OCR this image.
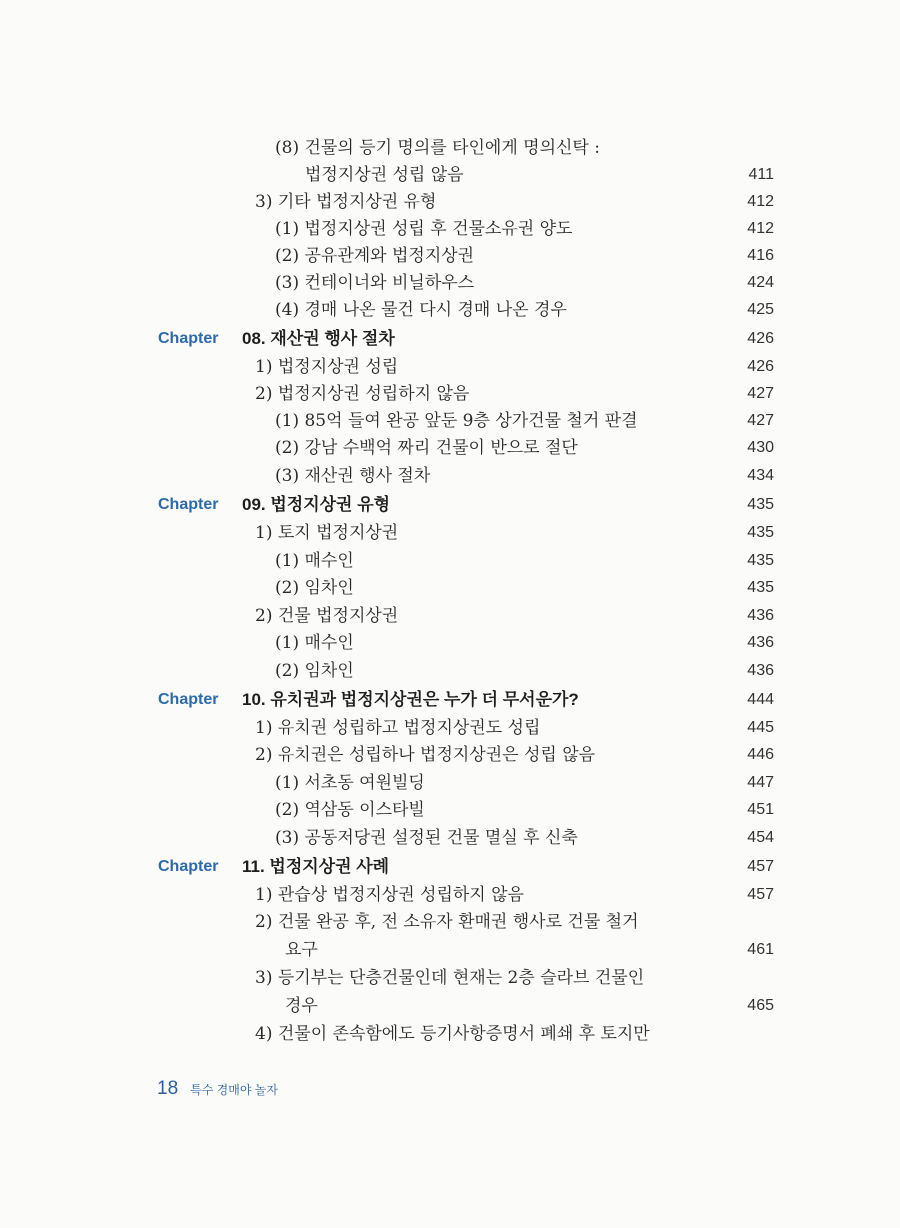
(8) 건물의 등기 명의를 타인에게 명의신탁 :
법정지상권 성립 않음	411
3) 기타 법정지상권 유형	412
(1) 법정지상권 성립 후 건물소유권 양도	412
(2) 공유관계와 법정지상권	416
(3) 컨테이너와 비닐하우스	424
(4) 경매 나온 물건 다시 경매 나온 경우	425
Chapter 08. 재산권 행사 절차	426
1) 법정지상권 성립	426
2) 법정지상권 성립하지 않음	427
(1) 85억 들여 완공 앞둔 9층 상가건물 철거 판결	427
(2) 강남 수백억 짜리 건물이 반으로 절단	430
(3) 재산권 행사 절차	434
Chapter 09. 법정지상권 유형	435
1) 토지 법정지상권	435
(1) 매수인	435
(2) 임차인	435
2) 건물 법정지상권	436
(1) 매수인	436
(2) 임차인	436
Chapter 10. 유치권과 법정지상권은 누가 더 무서운가?	444
1) 유치권 성립하고 법정지상권도 성립	445
2) 유치권은 성립하나 법정지상권은 성립 않음	446
(1) 서초동 여원빌딩	447
(2) 역삼동 이스타빌	451
(3) 공동저당권 설정된 건물 멸실 후 신축	454
Chapter 11. 법정지상권 사례	457
1) 관습상 법정지상권 성립하지 않음	457
2) 건물 완공 후, 전 소유자 환매권 행사로 건물 철거
요구	461
3) 등기부는 단층건물인데 현재는 2층 슬라브 건물인
경우	465
4) 건물이 존속함에도 등기사항증명서 폐쇄 후 토지만
18 특수 경매야 놀자
